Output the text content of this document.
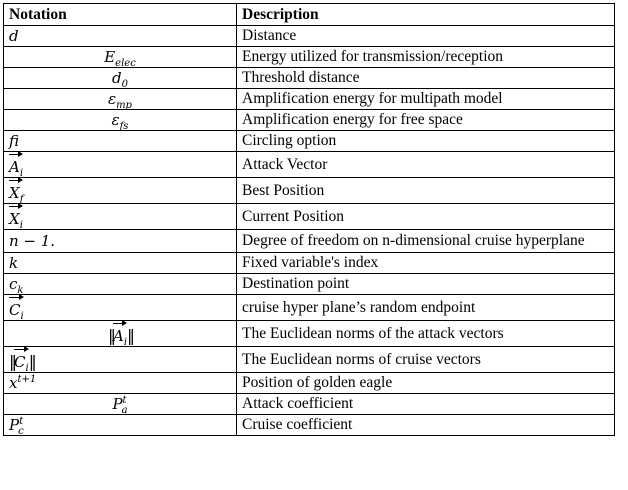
Notation	Description
d	Distance
$E_{elec}$	Energy utilized for transmission/reception
$d_0$	Threshold distance
$\varepsilon_{mp}$	Amplification energy for multipath model
$\varepsilon_{fs}$	Amplification energy for free space
fi	Circling option
$A_i$	Attack Vector
$X_f$	Best Position
$X_i$	Current Position
n − 1.	Degree of freedom on n-dimensional cruise hyperplane
k	Fixed variable's index
$c_k$	Destination point
$C_i$	cruise hyper plane’s random endpoint
$‖A_i‖$	The Euclidean norms of the attack vectors
$‖C_i‖$	The Euclidean norms of cruise vectors
$x^{t+1}$	Position of golden eagle
$P^t_a$	Attack coefficient
$P^t_c$	Cruise coefficient
